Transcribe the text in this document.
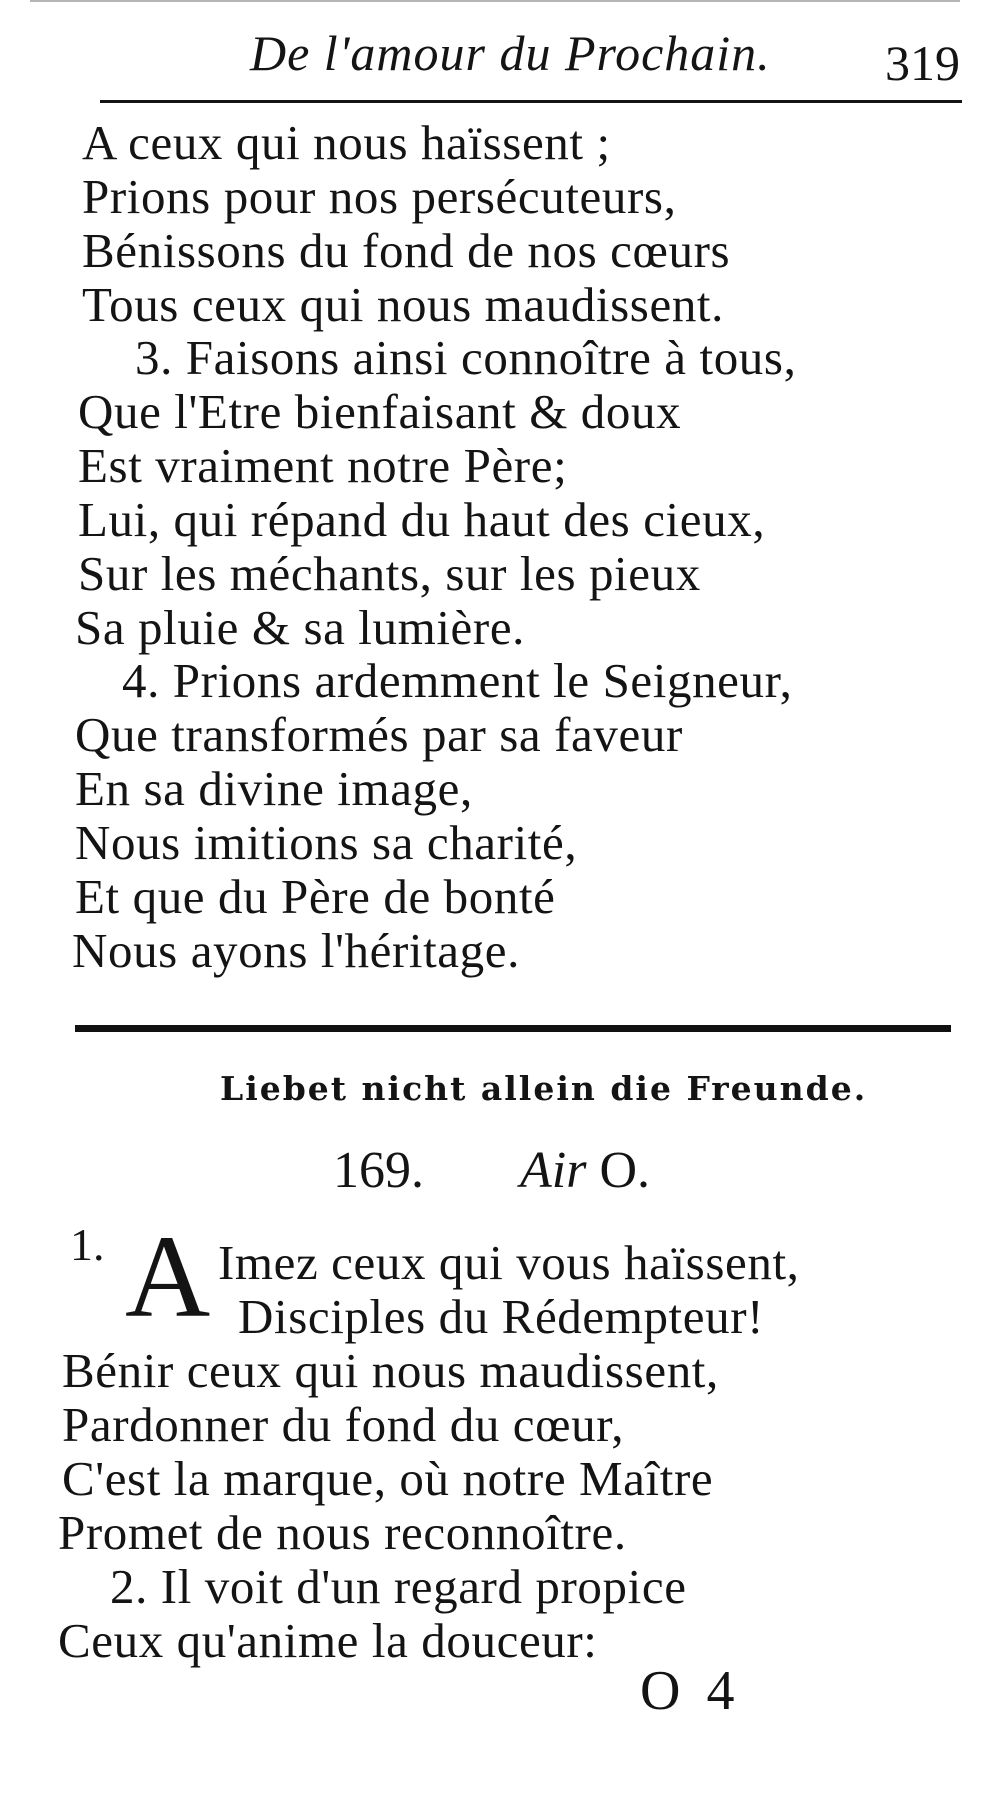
De l'amour du Prochain.	319
A ceux qui nous haïssent ;
Prions pour nos persécuteurs,
Bénissons du fond de nos cœurs
Tous ceux qui nous maudissent.
3. Faisons ainsi connoître à tous,
Que l'Etre bienfaisant & doux
Est vraiment notre Père;
Lui, qui répand du haut des cieux,
Sur les méchants, sur les pieux
Sa pluie & sa lumière.
4. Prions ardemment le Seigneur,
Que transformés par sa faveur
En sa divine image,
Nous imitions sa charité,
Et que du Père de bonté
Nous ayons l'héritage.
Liebet nicht allein die Freunde.
169. Air O.
1. A Imez ceux qui vous haïssent,
Disciples du Rédempteur!
Bénir ceux qui nous maudissent,
Pardonner du fond du cœur,
C'est la marque, où notre Maître
Promet de nous reconnoître.
2. Il voit d'un regard propice
Ceux qu'anime la douceur:
O 4
